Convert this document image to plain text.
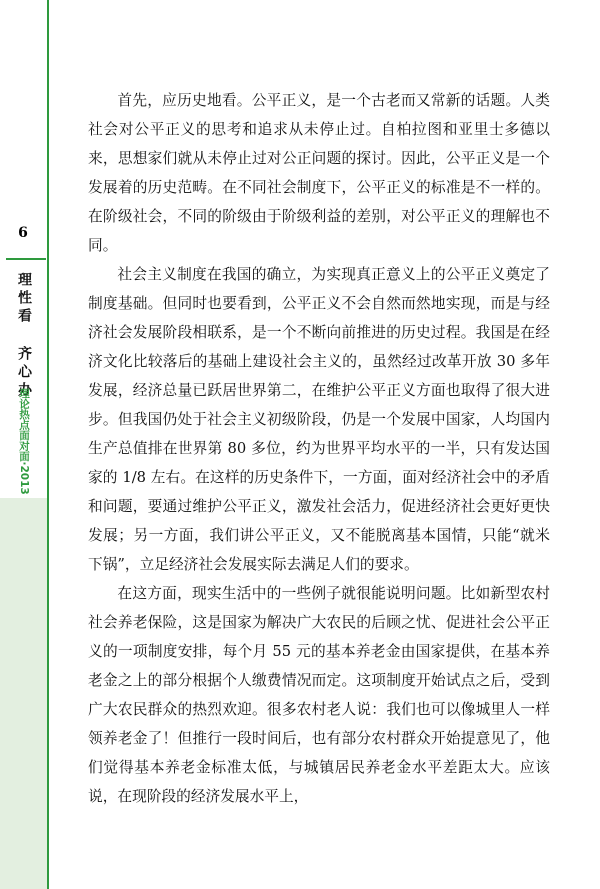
6
理性看 齐心办
理论热点面对面·2013

首先，应历史地看。公平正义，是一个古老而又常新的话题。人类社会对公平正义的思考和追求从未停止过。自柏拉图和亚里士多德以来，思想家们就从未停止过对公正问题的探讨。因此，公平正义是一个发展着的历史范畴。在不同社会制度下，公平正义的标准是不一样的。在阶级社会，不同的阶级由于阶级利益的差别，对公平正义的理解也不同。

社会主义制度在我国的确立，为实现真正意义上的公平正义奠定了制度基础。但同时也要看到，公平正义不会自然而然地实现，而是与经济社会发展阶段相联系，是一个不断向前推进的历史过程。我国是在经济文化比较落后的基础上建设社会主义的，虽然经过改革开放 30 多年发展，经济总量已跃居世界第二，在维护公平正义方面也取得了很大进步。但我国仍处于社会主义初级阶段，仍是一个发展中国家，人均国内生产总值排在世界第 80 多位，约为世界平均水平的一半，只有发达国家的 1/8 左右。在这样的历史条件下，一方面，面对经济社会中的矛盾和问题，要通过维护公平正义，激发社会活力，促进经济社会更好更快发展；另一方面，我们讲公平正义，又不能脱离基本国情，只能“就米下锅”，立足经济社会发展实际去满足人们的要求。

在这方面，现实生活中的一些例子就很能说明问题。比如新型农村社会养老保险，这是国家为解决广大农民的后顾之忧、促进社会公平正义的一项制度安排，每个月 55 元的基本养老金由国家提供，在基本养老金之上的部分根据个人缴费情况而定。这项制度开始试点之后，受到广大农民群众的热烈欢迎。很多农村老人说：我们也可以像城里人一样领养老金了！但推行一段时间后，也有部分农村群众开始提意见了，他们觉得基本养老金标准太低，与城镇居民养老金水平差距太大。应该说，在现阶段的经济发展水平上，
